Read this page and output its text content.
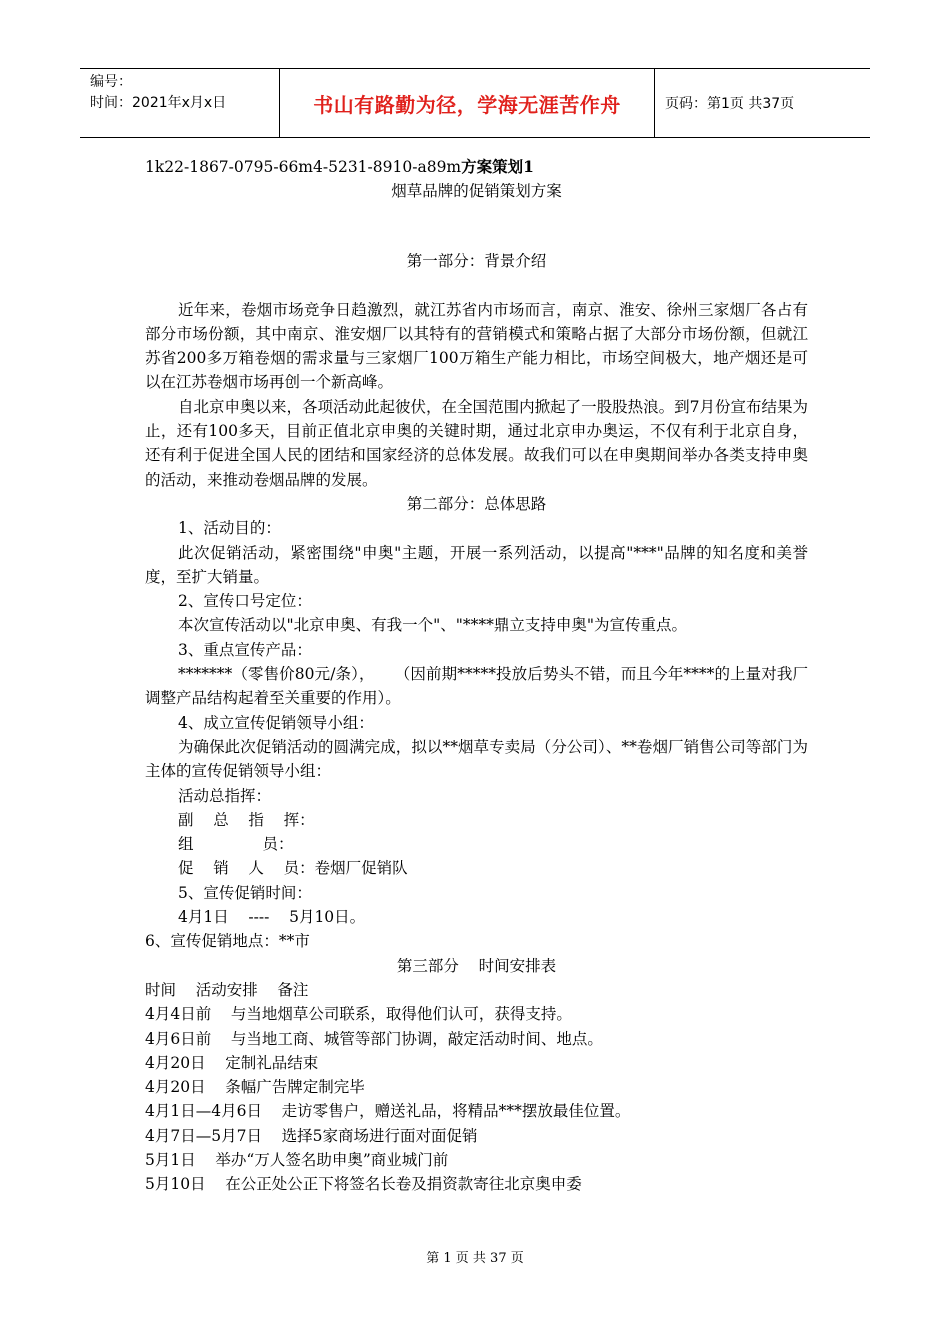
编号：
时间：2021年x月x日	书山有路勤为径，学海无涯苦作舟	页码：第1页 共37页
1k22-1867-0795-66m4-5231-8910-a89m方案策划1
烟草品牌的促销策划方案
第一部分：背景介绍
近年来，卷烟市场竞争日趋激烈，就江苏省内市场而言，南京、淮安、徐州三家烟厂各占有部分市场份额，其中南京、淮安烟厂以其特有的营销模式和策略占据了大部分市场份额，但就江苏省200多万箱卷烟的需求量与三家烟厂100万箱生产能力相比，市场空间极大，地产烟还是可以在江苏卷烟市场再创一个新高峰。
自北京申奥以来，各项活动此起彼伏，在全国范围内掀起了一股股热浪。到7月份宣布结果为止，还有100多天，目前正值北京申奥的关键时期，通过北京申办奥运，不仅有利于北京自身，还有利于促进全国人民的团结和国家经济的总体发展。故我们可以在申奥期间举办各类支持申奥的活动，来推动卷烟品牌的发展。
第二部分：总体思路
1、活动目的：
此次促销活动，紧密围绕"申奥"主题，开展一系列活动，以提高"***"品牌的知名度和美誉度，至扩大销量。
2、宣传口号定位：
本次宣传活动以"北京申奥、有我一个"、"****鼎立支持申奥"为宣传重点。
3、重点宣传产品：
*******（零售价80元/条），    （因前期*****投放后势头不错，而且今年****的上量对我厂调整产品结构起着至关重要的作用）。
4、成立宣传促销领导小组：
为确保此次促销活动的圆满完成，拟以**烟草专卖局（分公司）、**卷烟厂销售公司等部门为主体的宣传促销领导小组：
活动总指挥：
副    总    指    挥：
组              员：
促    销    人    员：卷烟厂促销队
5、宣传促销时间：
4月1日    ----    5月10日。
6、宣传促销地点：**市
第三部分    时间安排表
时间    活动安排    备注
4月4日前    与当地烟草公司联系，取得他们认可，获得支持。
4月6日前    与当地工商、城管等部门协调，敲定活动时间、地点。
4月20日    定制礼品结束
4月20日    条幅广告牌定制完毕
4月1日—4月6日    走访零售户，赠送礼品，将精品***摆放最佳位置。
4月7日—5月7日    选择5家商场进行面对面促销
5月1日    举办“万人签名助申奥”商业城门前
5月10日    在公正处公正下将签名长卷及捐资款寄往北京奥申委
第 1 页 共 37 页
